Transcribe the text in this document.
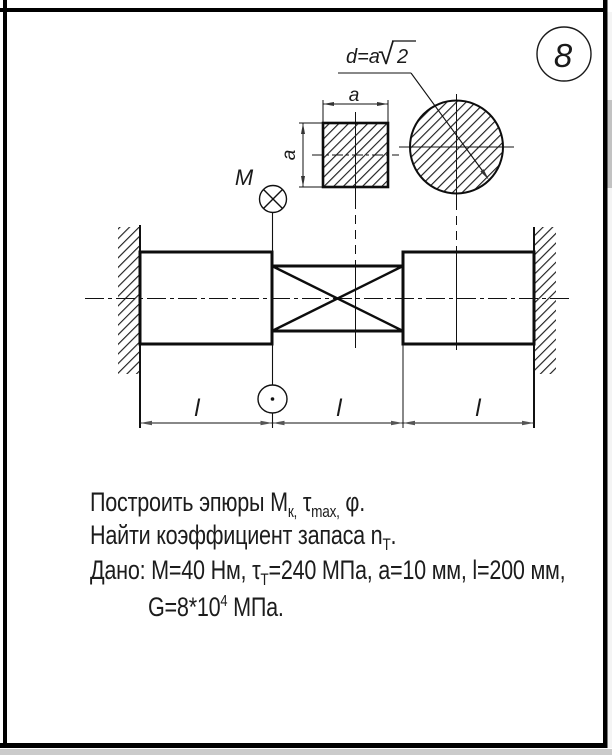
8
a
a
d=a
√ 2
M
l	l	l
Построить эпюры $М_{к,}$ $\tau_{max,}$ φ.
Найти коэффициент запаса $n_Т$.
Дано: М=40 Нм, $\tau_Т=240$ МПа, а=10 мм, l=200 мм,
$G=8*10^4$ МПа.
